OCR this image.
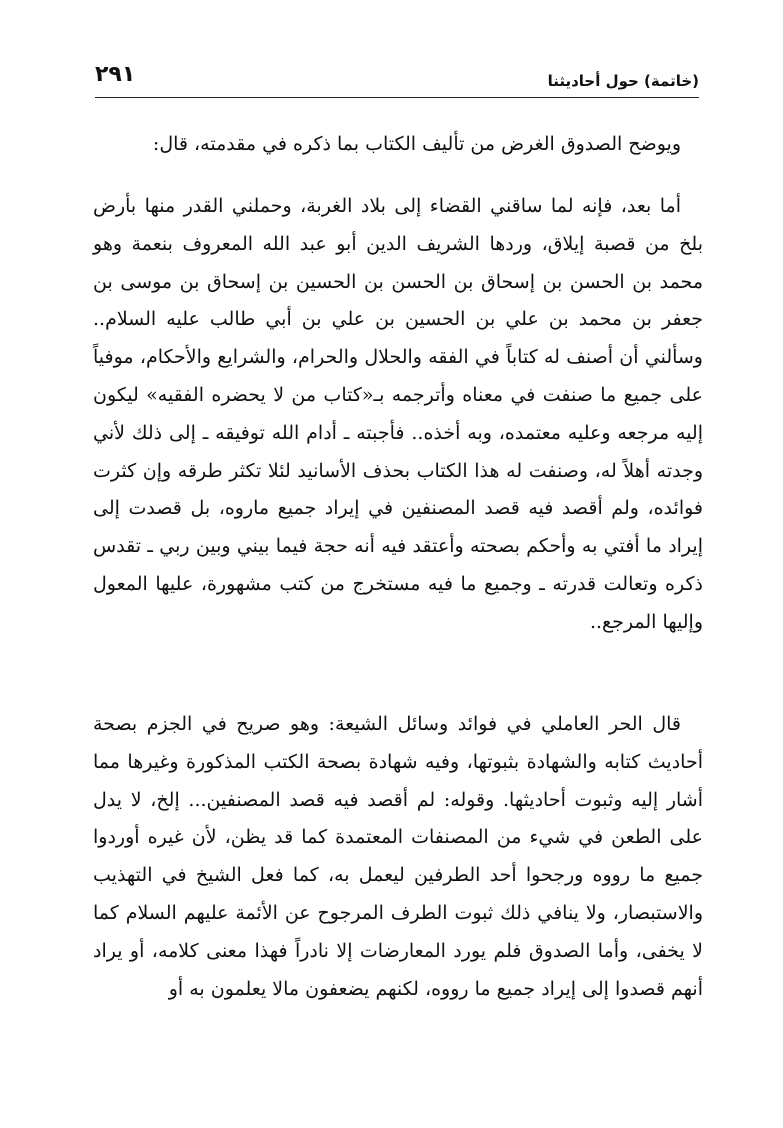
(خاتمة) حول أحاديثنا
٢٩١

ويوضح الصدوق الغرض من تأليف الكتاب بما ذكره في مقدمته، قال:

أما بعد، فإنه لما ساقني القضاء إلى بلاد الغربة، وحملني القدر منها بأرض بلخ من قصبة إيلاق، وردها الشريف الدين أبو عبد الله المعروف بنعمة وهو محمد بن الحسن بن إسحاق بن الحسن بن الحسين بن إسحاق بن موسى بن جعفر بن محمد بن علي بن الحسين بن علي بن أبي طالب عليه السلام.. وسألني أن أصنف له كتاباً في الفقه والحلال والحرام، والشرايع والأحكام، موفياً على جميع ما صنفت في معناه وأترجمه بـ«كتاب من لا يحضره الفقيه» ليكون إليه مرجعه وعليه معتمده، وبه أخذه.. فأجبته ـ أدام الله توفيقه ـ إلى ذلك لأني وجدته أهلاً له، وصنفت له هذا الكتاب بحذف الأسانيد لئلا تكثر طرقه وإن كثرت فوائده، ولم أقصد فيه قصد المصنفين في إيراد جميع ماروه، بل قصدت إلى إيراد ما أفتي به وأحكم بصحته وأعتقد فيه أنه حجة فيما بيني وبين ربي ـ تقدس ذكره وتعالت قدرته ـ وجميع ما فيه مستخرج من كتب مشهورة، عليها المعول وإليها المرجع..

قال الحر العاملي في فوائد وسائل الشيعة: وهو صريح في الجزم بصحة أحاديث كتابه والشهادة بثبوتها، وفيه شهادة بصحة الكتب المذكورة وغيرها مما أشار إليه وثبوت أحاديثها. وقوله: لم أقصد فيه قصد المصنفين... إلخ، لا يدل على الطعن في شيء من المصنفات المعتمدة كما قد يظن، لأن غيره أوردوا جميع ما رووه ورجحوا أحد الطرفين ليعمل به، كما فعل الشيخ في التهذيب والاستبصار، ولا ينافي ذلك ثبوت الطرف المرجوح عن الأئمة عليهم السلام كما لا يخفى، وأما الصدوق فلم يورد المعارضات إلا نادراً فهذا معنى كلامه، أو يراد أنهم قصدوا إلى إيراد جميع ما رووه، لكنهم يضعفون مالا يعلمون به أو
